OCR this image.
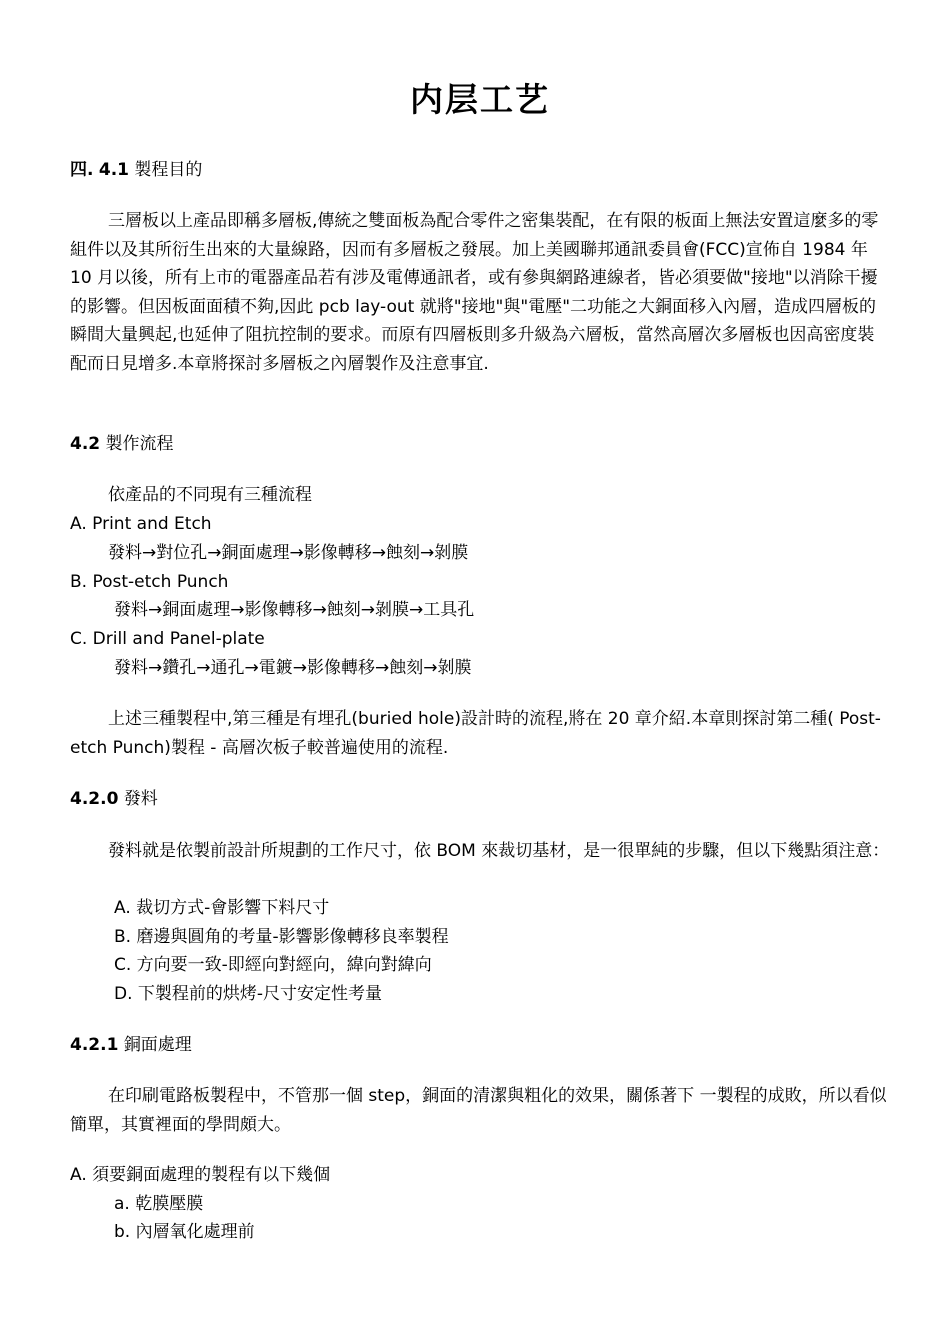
内层工艺
四. 4.1 製程目的

三層板以上產品即稱多層板,傳統之雙面板為配合零件之密集裝配，在有限的板面上無法安置這麼多的零組件以及其所衍生出來的大量線路，因而有多層板之發展。加上美國聯邦通訊委員會(FCC)宣佈自 1984 年 10 月以後，所有上市的電器產品若有涉及電傳通訊者，或有參與網路連線者，皆必須要做"接地"以消除干擾的影響。但因板面面積不夠,因此 pcb lay-out 就將"接地"與"電壓"二功能之大銅面移入內層，造成四層板的瞬間大量興起,也延伸了阻抗控制的要求。而原有四層板則多升級為六層板，當然高層次多層板也因高密度裝配而日見增多.本章將探討多層板之內層製作及注意事宜.

4.2 製作流程
依產品的不同現有三種流程
A. Print and Etch
發料→對位孔→銅面處理→影像轉移→蝕刻→剝膜
B. Post-etch Punch
發料→銅面處理→影像轉移→蝕刻→剝膜→工具孔
C. Drill and Panel-plate
發料→鑽孔→通孔→電鍍→影像轉移→蝕刻→剝膜

上述三種製程中,第三種是有埋孔(buried hole)設計時的流程,將在 20 章介紹.本章則探討第二種( Post-etch Punch)製程 - 高層次板子較普遍使用的流程.

4.2.0 發料

發料就是依製前設計所規劃的工作尺寸，依 BOM 來裁切基材，是一很單純的步驟，但以下幾點須注意：

A. 裁切方式-會影響下料尺寸
B. 磨邊與圓角的考量-影響影像轉移良率製程
C. 方向要一致-即經向對經向，緯向對緯向
D. 下製程前的烘烤-尺寸安定性考量
4.2.1 銅面處理

在印刷電路板製程中，不管那一個 step，銅面的清潔與粗化的效果，關係著下 一製程的成敗，所以看似簡單，其實裡面的學問頗大。

A. 須要銅面處理的製程有以下幾個
a. 乾膜壓膜
b. 內層氧化處理前
